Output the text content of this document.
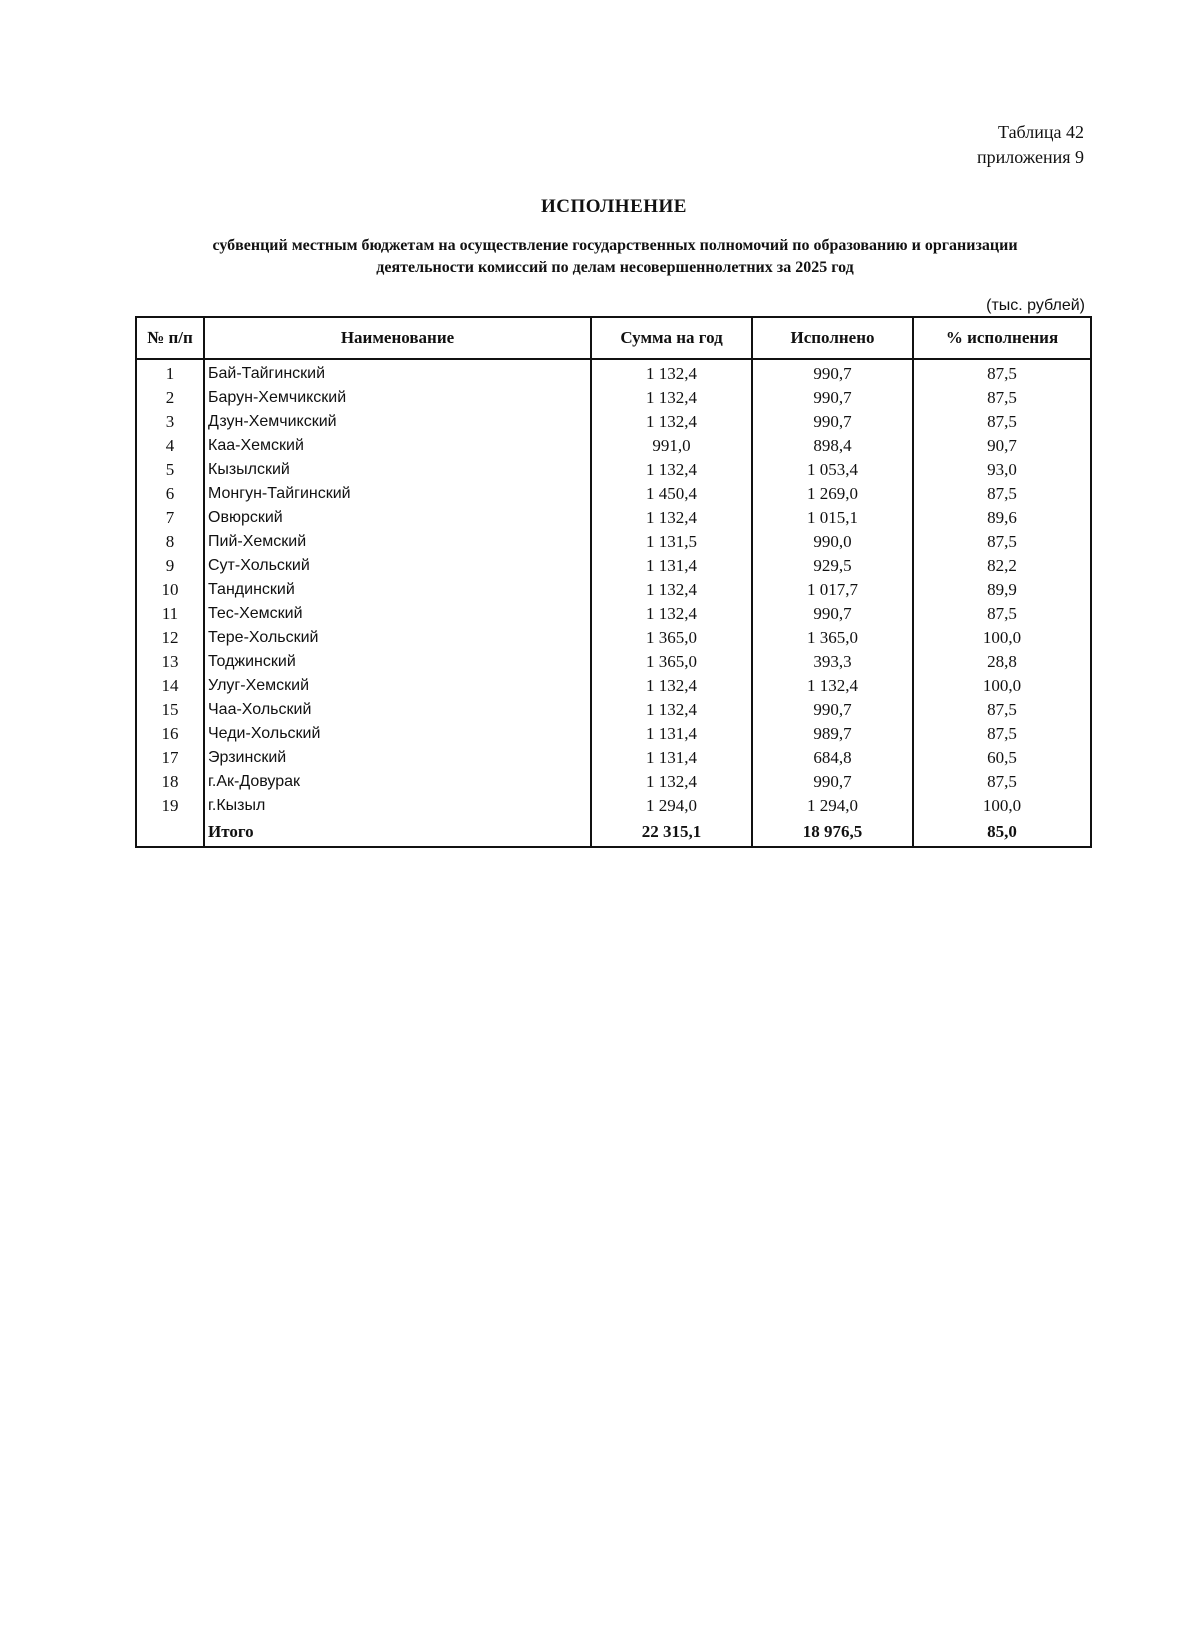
Таблица 42
приложения 9
ИСПОЛНЕНИЕ
субвенций местным бюджетам на осуществление государственных полномочий по образованию и организации
деятельности комиссий по делам несовершеннолетних за 2025 год
(тыс. рублей)
№ п/п	Наименование	Сумма на год	Исполнено	% исполнения
1	Бай-Тайгинский	1 132,4	990,7	87,5
2	Барун-Хемчикский	1 132,4	990,7	87,5
3	Дзун-Хемчикский	1 132,4	990,7	87,5
4	Каа-Хемский	991,0	898,4	90,7
5	Кызылский	1 132,4	1 053,4	93,0
6	Монгун-Тайгинский	1 450,4	1 269,0	87,5
7	Овюрский	1 132,4	1 015,1	89,6
8	Пий-Хемский	1 131,5	990,0	87,5
9	Сут-Хольский	1 131,4	929,5	82,2
10	Тандинский	1 132,4	1 017,7	89,9
11	Тес-Хемский	1 132,4	990,7	87,5
12	Тере-Хольский	1 365,0	1 365,0	100,0
13	Тоджинский	1 365,0	393,3	28,8
14	Улуг-Хемский	1 132,4	1 132,4	100,0
15	Чаа-Хольский	1 132,4	990,7	87,5
16	Чеди-Хольский	1 131,4	989,7	87,5
17	Эрзинский	1 131,4	684,8	60,5
18	г.Ак-Довурак	1 132,4	990,7	87,5
19	г.Кызыл	1 294,0	1 294,0	100,0
	Итого	22 315,1	18 976,5	85,0
